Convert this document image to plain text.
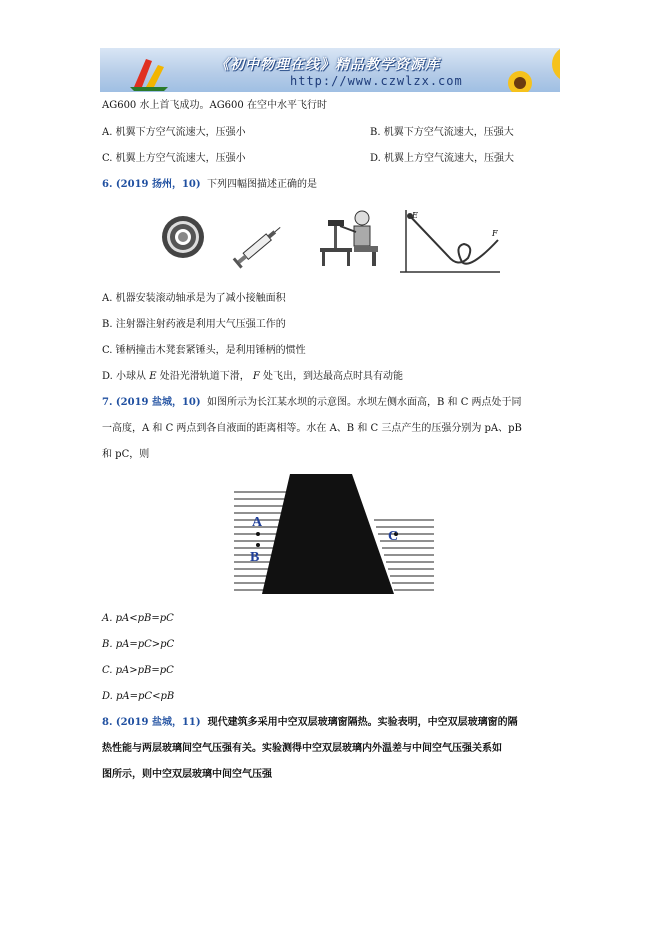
《初中物理在线》精品教学资源库
http://www.czwlzx.com
AG600 水上首飞成功。AG600 在空中水平飞行时
A. 机翼下方空气流速大，压强小	B. 机翼下方空气流速大，压强大
C. 机翼上方空气流速大，压强小	D. 机翼上方空气流速大，压强大
6. (2019 扬州，10) 下列四幅图描述正确的是
E
F
A. 机器安装滚动轴承是为了减小接触面积
B. 注射器注射药液是利用大气压强工作的
C. 锤柄撞击木凳套紧锤头，是利用锤柄的惯性
D. 小球从 E 处沿光滑轨道下滑， F 处飞出，到达最高点时具有动能
7. (2019 盐城，10) 如图所示为长江某水坝的示意图。水坝左侧水面高，B 和 C 两点处于同
一高度，A 和 C 两点到各自液面的距离相等。水在 A、B 和 C 三点产生的压强分别为 pA、pB
和 pC，则
A
B
C
A. pA<pB=pC
B. pA=pC>pC
C. pA>pB=pC
D. pA=pC<pB
8. (2019 盐城，11) 现代建筑多采用中空双层玻璃窗隔热。实验表明，中空双层玻璃窗的隔
热性能与两层玻璃间空气压强有关。实验测得中空双层玻璃内外温差与中间空气压强关系如
图所示，则中空双层玻璃中间空气压强
